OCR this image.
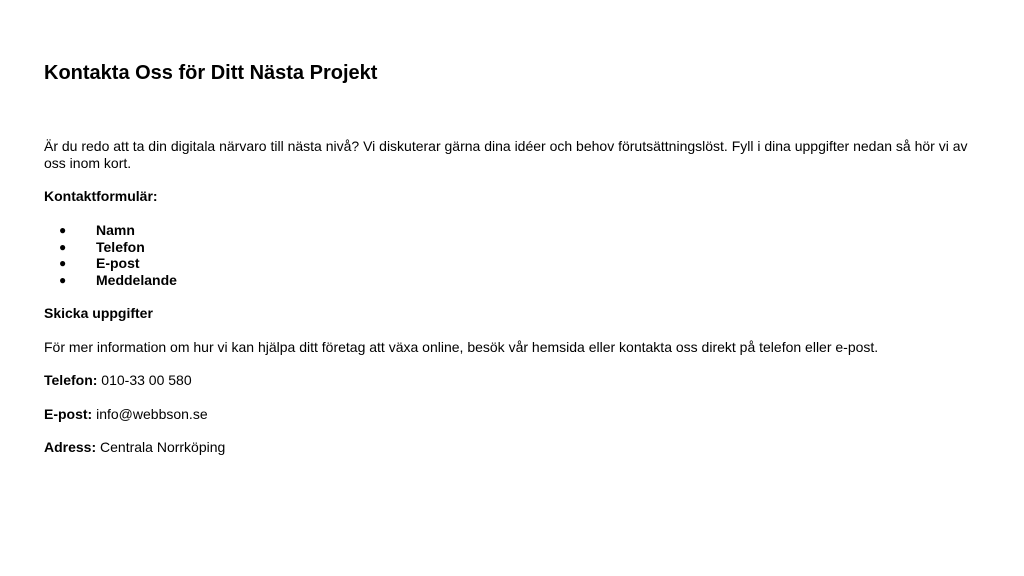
Kontakta Oss för Ditt Nästa Projekt

Är du redo att ta din digitala närvaro till nästa nivå? Vi diskuterar gärna dina idéer och behov förutsättningslöst. Fyll i dina uppgifter nedan så hör vi av oss inom kort.

Kontaktformulär:

● Namn
● Telefon
● E-post
● Meddelande

Skicka uppgifter

För mer information om hur vi kan hjälpa ditt företag att växa online, besök vår hemsida eller kontakta oss direkt på telefon eller e-post.

Telefon: 010-33 00 580

E-post: info@webbson.se

Adress: Centrala Norrköping
